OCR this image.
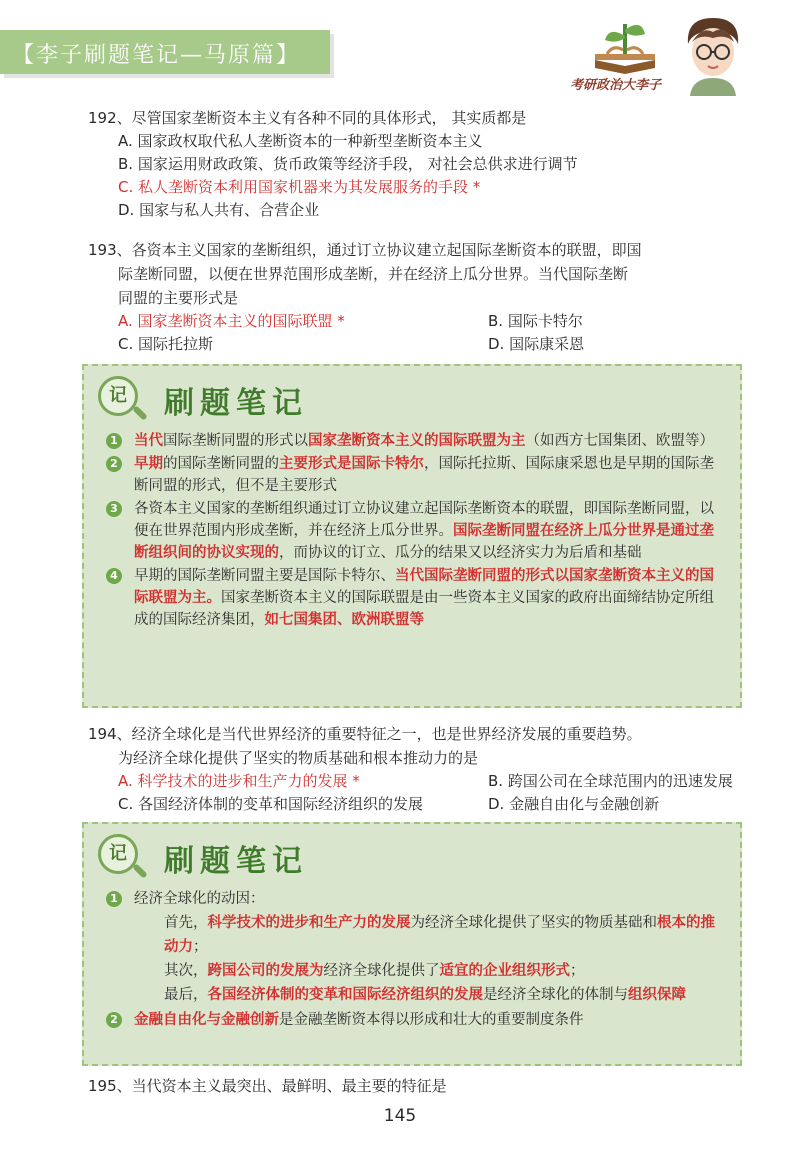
【李子刷题笔记—马原篇】
考研政治大李子

192、尽管国家垄断资本主义有各种不同的具体形式， 其实质都是

A. 国家政权取代私人垄断资本的一种新型垄断资本主义

B. 国家运用财政政策、货币政策等经济手段， 对社会总供求进行调节

C. 私人垄断资本利用国家机器来为其发展服务的手段 *

D. 国家与私人共有、合营企业

193、各资本主义国家的垄断组织，通过订立协议建立起国际垄断资本的联盟，即国

际垄断同盟，以便在世界范围形成垄断，并在经济上瓜分世界。当代国际垄断

同盟的主要形式是

A. 国家垄断资本主义的国际联盟 *	B. 国际卡特尔
C. 国际托拉斯	D. 国际康采恩
记	刷题笔记
1 当代国际垄断同盟的形式以国家垄断资本主义的国际联盟为主（如西方七国集团、欧盟等）
2 早期的国际垄断同盟的主要形式是国际卡特尔，国际托拉斯、国际康采恩也是早期的国际垄断同盟的形式，但不是主要形式
3 各资本主义国家的垄断组织通过订立协议建立起国际垄断资本的联盟，即国际垄断同盟，以便在世界范围内形成垄断，并在经济上瓜分世界。国际垄断同盟在经济上瓜分世界是通过垄断组织间的协议实现的，而协议的订立、瓜分的结果又以经济实力为后盾和基础
4 早期的国际垄断同盟主要是国际卡特尔、当代国际垄断同盟的形式以国家垄断资本主义的国际联盟为主。国家垄断资本主义的国际联盟是由一些资本主义国家的政府出面缔结协定所组成的国际经济集团，如七国集团、欧洲联盟等

194、经济全球化是当代世界经济的重要特征之一，也是世界经济发展的重要趋势。

为经济全球化提供了坚实的物质基础和根本推动力的是

A. 科学技术的进步和生产力的发展 *	B. 跨国公司在全球范围内的迅速发展
C. 各国经济体制的变革和国际经济组织的发展	D. 金融自由化与金融创新
记	刷题笔记
1 经济全球化的动因：
首先，科学技术的进步和生产力的发展为经济全球化提供了坚实的物质基础和根本的推动力；
其次，跨国公司的发展为经济全球化提供了适宜的企业组织形式；
最后，各国经济体制的变革和国际经济组织的发展是经济全球化的体制与组织保障
2 金融自由化与金融创新是金融垄断资本得以形成和壮大的重要制度条件

195、当代资本主义最突出、最鲜明、最主要的特征是

145
